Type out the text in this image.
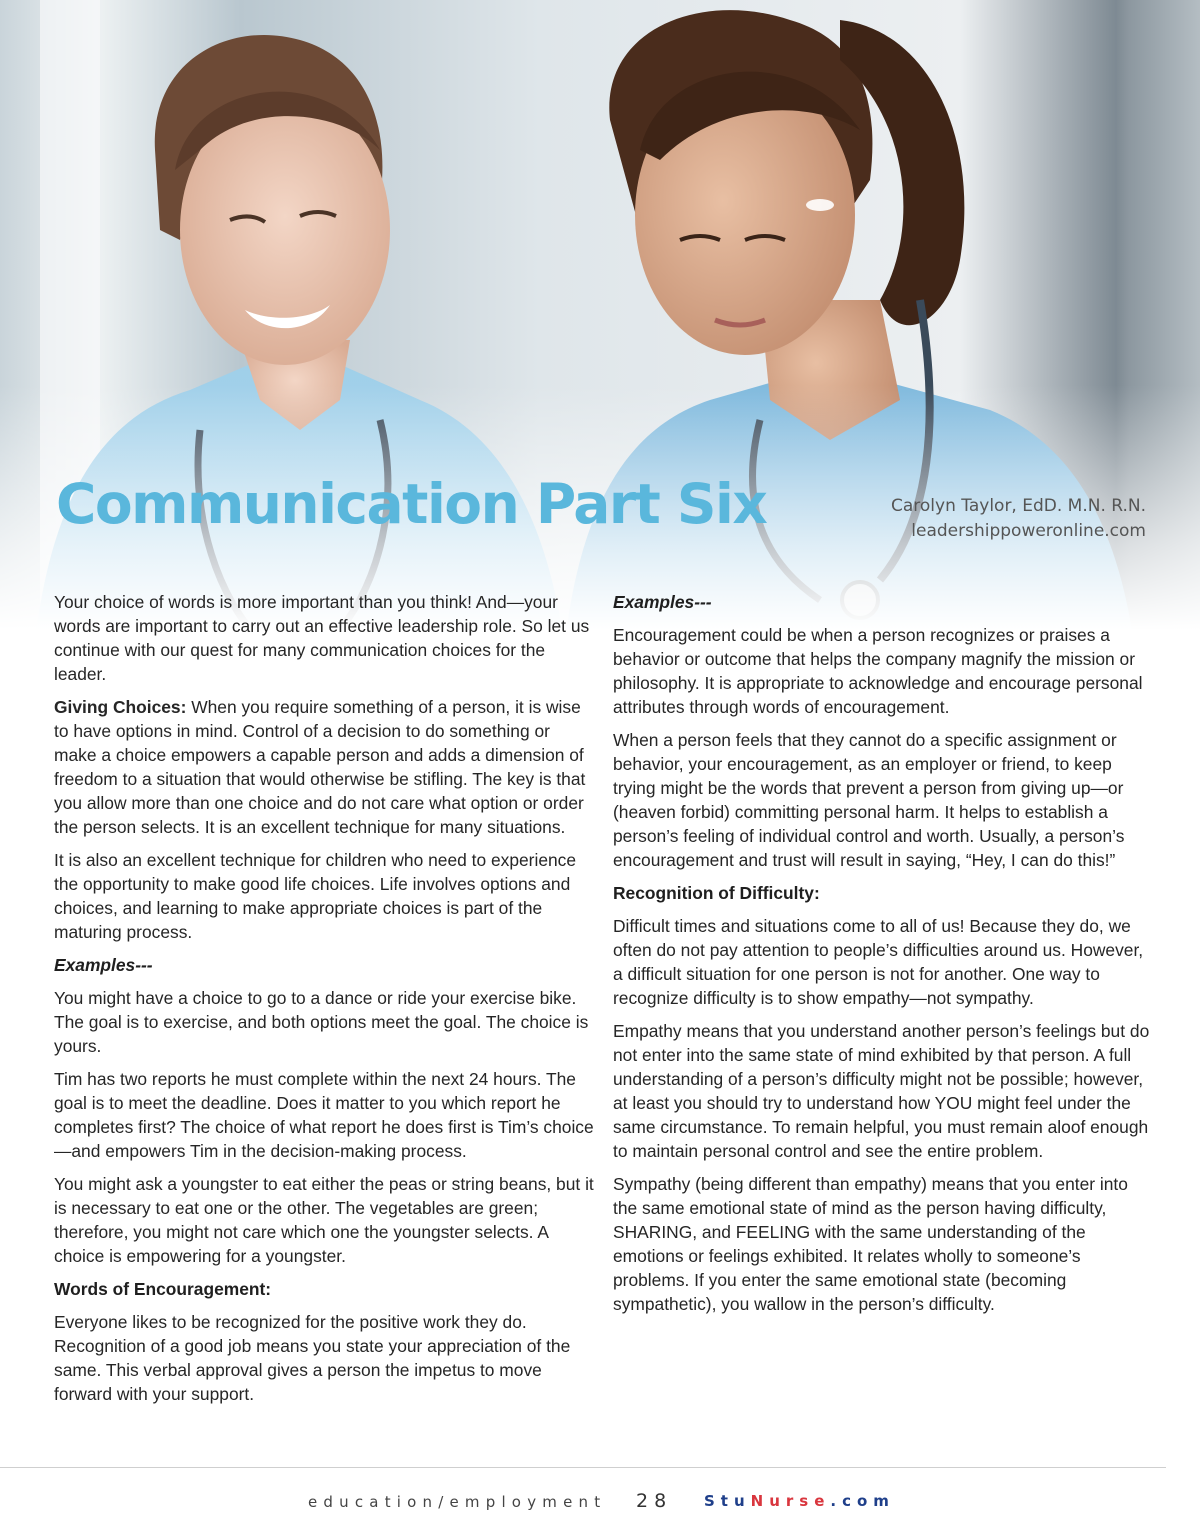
Communication Part Six	Carolyn Taylor, EdD. M.N. R.N.
leadershippoweronline.com

Your choice of words is more important than you think! And—your words are important to carry out an effective leadership role. So let us continue with our quest for many communication choices for the leader.

Giving Choices: When you require something of a person, it is wise to have options in mind. Control of a decision to do something or make a choice empowers a capable person and adds a dimension of freedom to a situation that would otherwise be stifling. The key is that you allow more than one choice and do not care what option or order the person selects. It is an excellent technique for many situations.

It is also an excellent technique for children who need to experience the opportunity to make good life choices. Life involves options and choices, and learning to make appropriate choices is part of the maturing process.

Examples---

You might have a choice to go to a dance or ride your exercise bike. The goal is to exercise, and both options meet the goal. The choice is yours.

Tim has two reports he must complete within the next 24 hours. The goal is to meet the deadline. Does it matter to you which report he completes first? The choice of what report he does first is Tim’s choice—and empowers Tim in the decision-making process.

You might ask a youngster to eat either the peas or string beans, but it is necessary to eat one or the other. The vegetables are green; therefore, you might not care which one the youngster selects. A choice is empowering for a youngster.

Words of Encouragement:

Everyone likes to be recognized for the positive work they do. Recognition of a good job means you state your appreciation of the same. This verbal approval gives a person the impetus to move forward with your support.

Examples---

Encouragement could be when a person recognizes or praises a behavior or outcome that helps the company magnify the mission or philosophy. It is appropriate to acknowledge and encourage personal attributes through words of encouragement.

When a person feels that they cannot do a specific assignment or behavior, your encouragement, as an employer or friend, to keep trying might be the words that prevent a person from giving up—or (heaven forbid) committing personal harm. It helps to establish a person’s feeling of individual control and worth. Usually, a person’s encouragement and trust will result in saying, “Hey, I can do this!”

Recognition of Difficulty:

Difficult times and situations come to all of us! Because they do, we often do not pay attention to people’s difficulties around us. However, a difficult situation for one person is not for another. One way to recognize difficulty is to show empathy—not sympathy.

Empathy means that you understand another person’s feelings but do not enter into the same state of mind exhibited by that person. A full understanding of a person’s difficulty might not be possible; however, at least you should try to understand how YOU might feel under the same circumstance. To remain helpful, you must remain aloof enough to maintain personal control and see the entire problem.

Sympathy (being different than empathy) means that you enter into the same emotional state of mind as the person having difficulty, SHARING, and FEELING with the same understanding of the emotions or feelings exhibited. It relates wholly to someone’s problems. If you enter the same emotional state (becoming sympathetic), you wallow in the person’s difficulty.

education/employment 28 StuNurse.com
